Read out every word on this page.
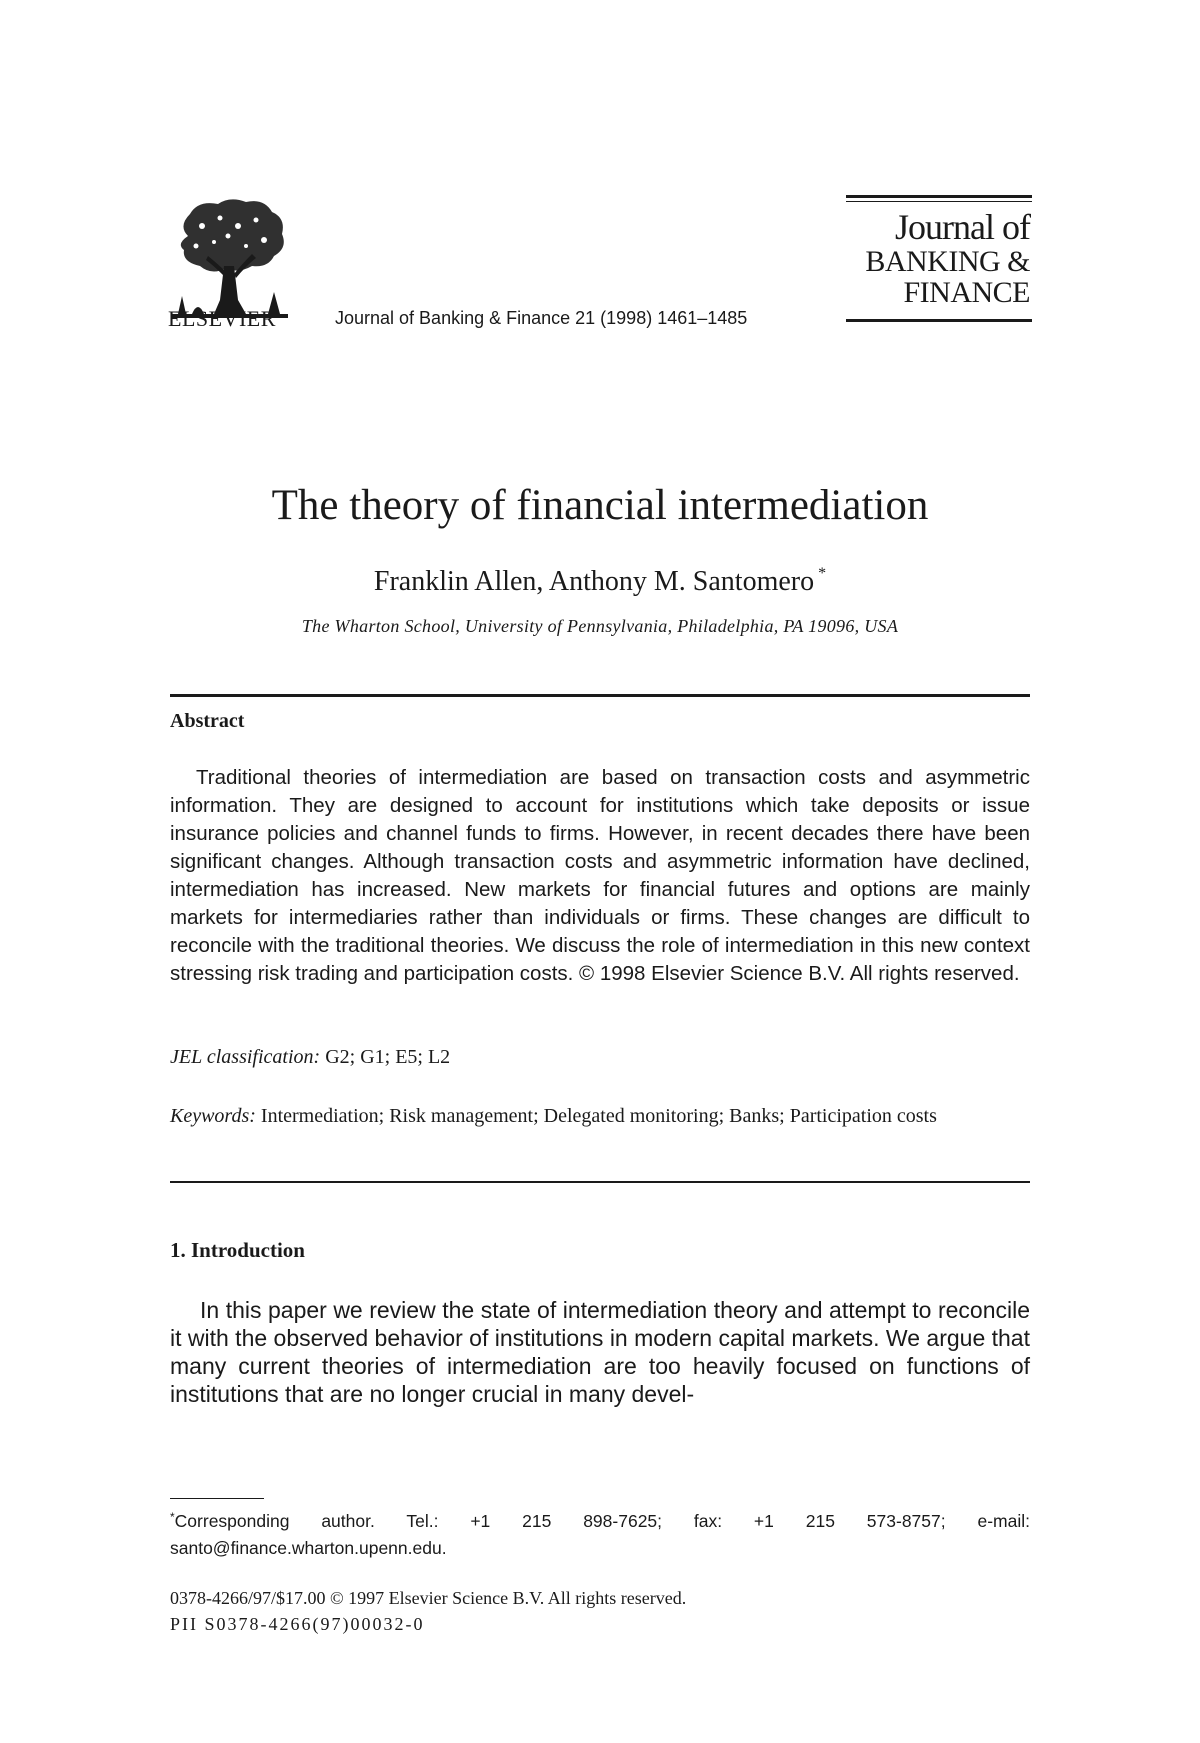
ELSEVIER	Journal of Banking & Finance 21 (1998) 1461–1485
Journal of
BANKING &
FINANCE
The theory of financial intermediation
Franklin Allen, Anthony M. Santomero *
The Wharton School, University of Pennsylvania, Philadelphia, PA 19096, USA
Abstract
Traditional theories of intermediation are based on transaction costs and asymmetric information. They are designed to account for institutions which take deposits or issue insurance policies and channel funds to firms. However, in recent decades there have been significant changes. Although transaction costs and asymmetric information have declined, intermediation has increased. New markets for financial futures and options are mainly markets for intermediaries rather than individuals or firms. These changes are difficult to reconcile with the traditional theories. We discuss the role of intermediation in this new context stressing risk trading and participation costs. © 1998 Elsevier Science B.V. All rights reserved.
JEL classification: G2; G1; E5; L2
Keywords: Intermediation; Risk management; Delegated monitoring; Banks; Participation costs
1. Introduction
In this paper we review the state of intermediation theory and attempt to reconcile it with the observed behavior of institutions in modern capital markets. We argue that many current theories of intermediation are too heavily focused on functions of institutions that are no longer crucial in many devel-
*Corresponding author. Tel.: +1 215 898-7625; fax: +1 215 573-8757; e-mail: santo@finance.wharton.upenn.edu.
0378-4266/97/$17.00 © 1997 Elsevier Science B.V. All rights reserved.
PII S0378-4266(97)00032-0
